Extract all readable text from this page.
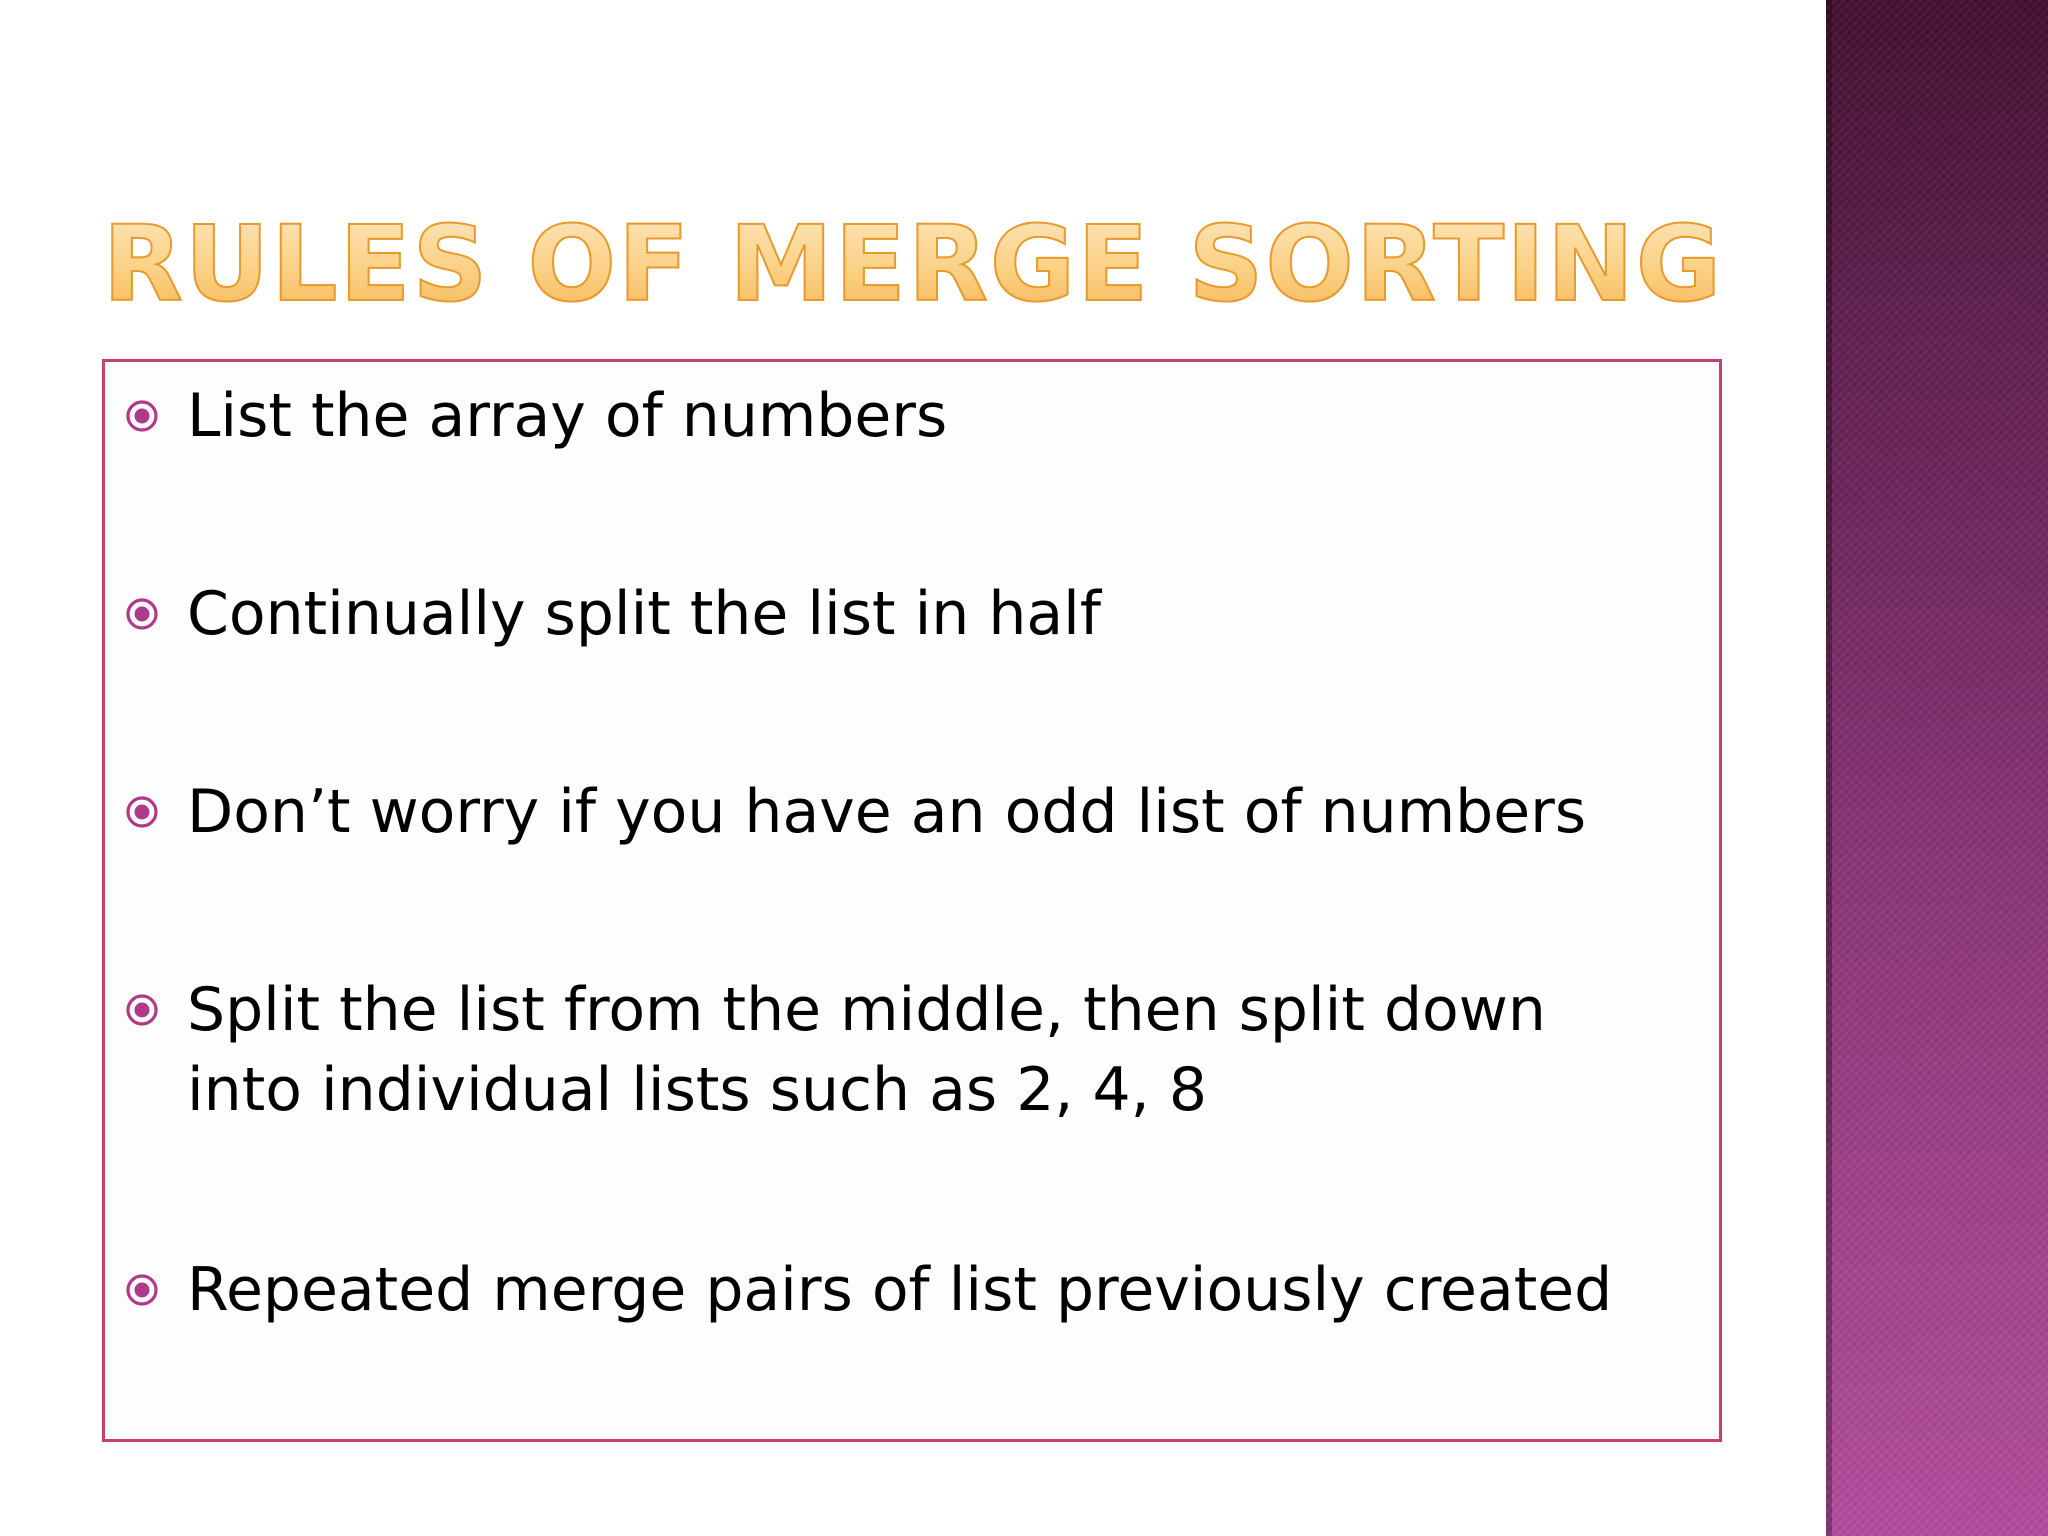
RULES OF MERGE SORTING
List the array of numbers
Continually split the list in half
Don’t worry if you have an odd list of numbers
Split the list from the middle, then split down
into individual lists such as 2, 4, 8
Repeated merge pairs of list previously created
